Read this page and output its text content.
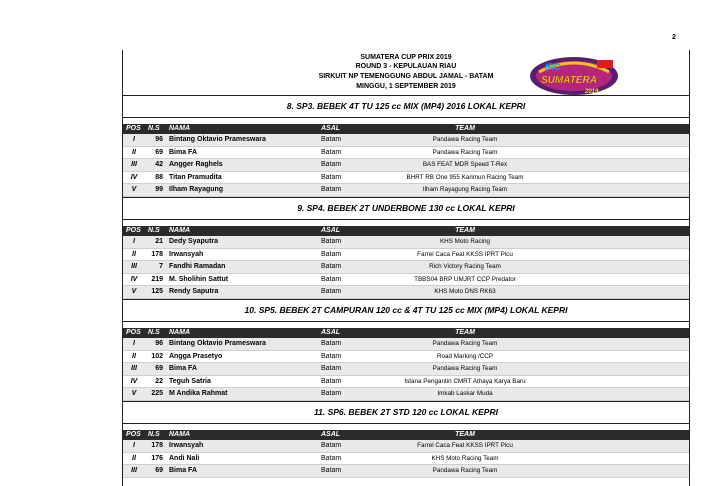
2
SUMATERA CUP PRIX 2019
ROUND 3 - KEPULAUAN RIAU
SIRKUIT NP TEMENGGUNG ABDUL JAMAL - BATAM
MINGGU, 1 SEPTEMBER 2019
IRC
SUMATERA
2019
8. SP3. BEBEK 4T TU 125 cc MIX (MP4) 2016 LOKAL KEPRI
POS N.S	NAMA	ASAL	TEAM
I	96 Bintang Oktavio Prameswara	Batam	Pandawa Racing Team
II	69 Bima FA	Batam	Pandawa Racing Team
III	42 Angger Raghels	Batam	BAS FEAT MDR Speed T-Rex
IV	88 Titan Pramudita	Batam	BHRT RB One 955 Karimun Racing Team
V	99 Ilham Rayagung	Batam	Ilham Rayagung Racing Team
9. SP4. BEBEK 2T UNDERBONE 130 cc LOKAL KEPRI
POS N.S	NAMA	ASAL	TEAM
I	21 Dedy Syaputra	Batam	KHS Moto Racing
II	178 Irwansyah	Batam	Farrel Caca Feat KKSS IPRT Picu
III	7 Fandhi Ramadan	Batam	Rich Victory Racing Team
IV	219 M. Sholihin Sattut	Batam	TBBS04 BRP UMJRT CCP Predator
V	125 Rendy Saputra	Batam	KHS Moto DNS RK63
10. SP5. BEBEK 2T CAMPURAN 120 cc & 4T TU 125 cc MIX (MP4) LOKAL KEPRI
POS N.S	NAMA	ASAL	TEAM
I	96 Bintang Oktavio Prameswara	Batam	Pandawa Racing Team
II	102 Angga Prasetyo	Batam	Road Marking /CCP
III	69 Bima FA	Batam	Pandawa Racing Team
IV	22 Teguh Satria	Batam	Istana Pengantin CMRT Athaya Karya Baru
V	225 M Andika Rahmat	Batam	Imkab Laskar Muda
11. SP6. BEBEK 2T STD 120 cc LOKAL KEPRI
POS N.S	NAMA	ASAL	TEAM
I	178 Irwansyah	Batam	Farrel Caca Feat KKSS IPRT Picu
II	176 Andi Nali	Batam	KHS Moto Racing Team
III	69 Bima FA	Batam	Pandawa Racing Team
